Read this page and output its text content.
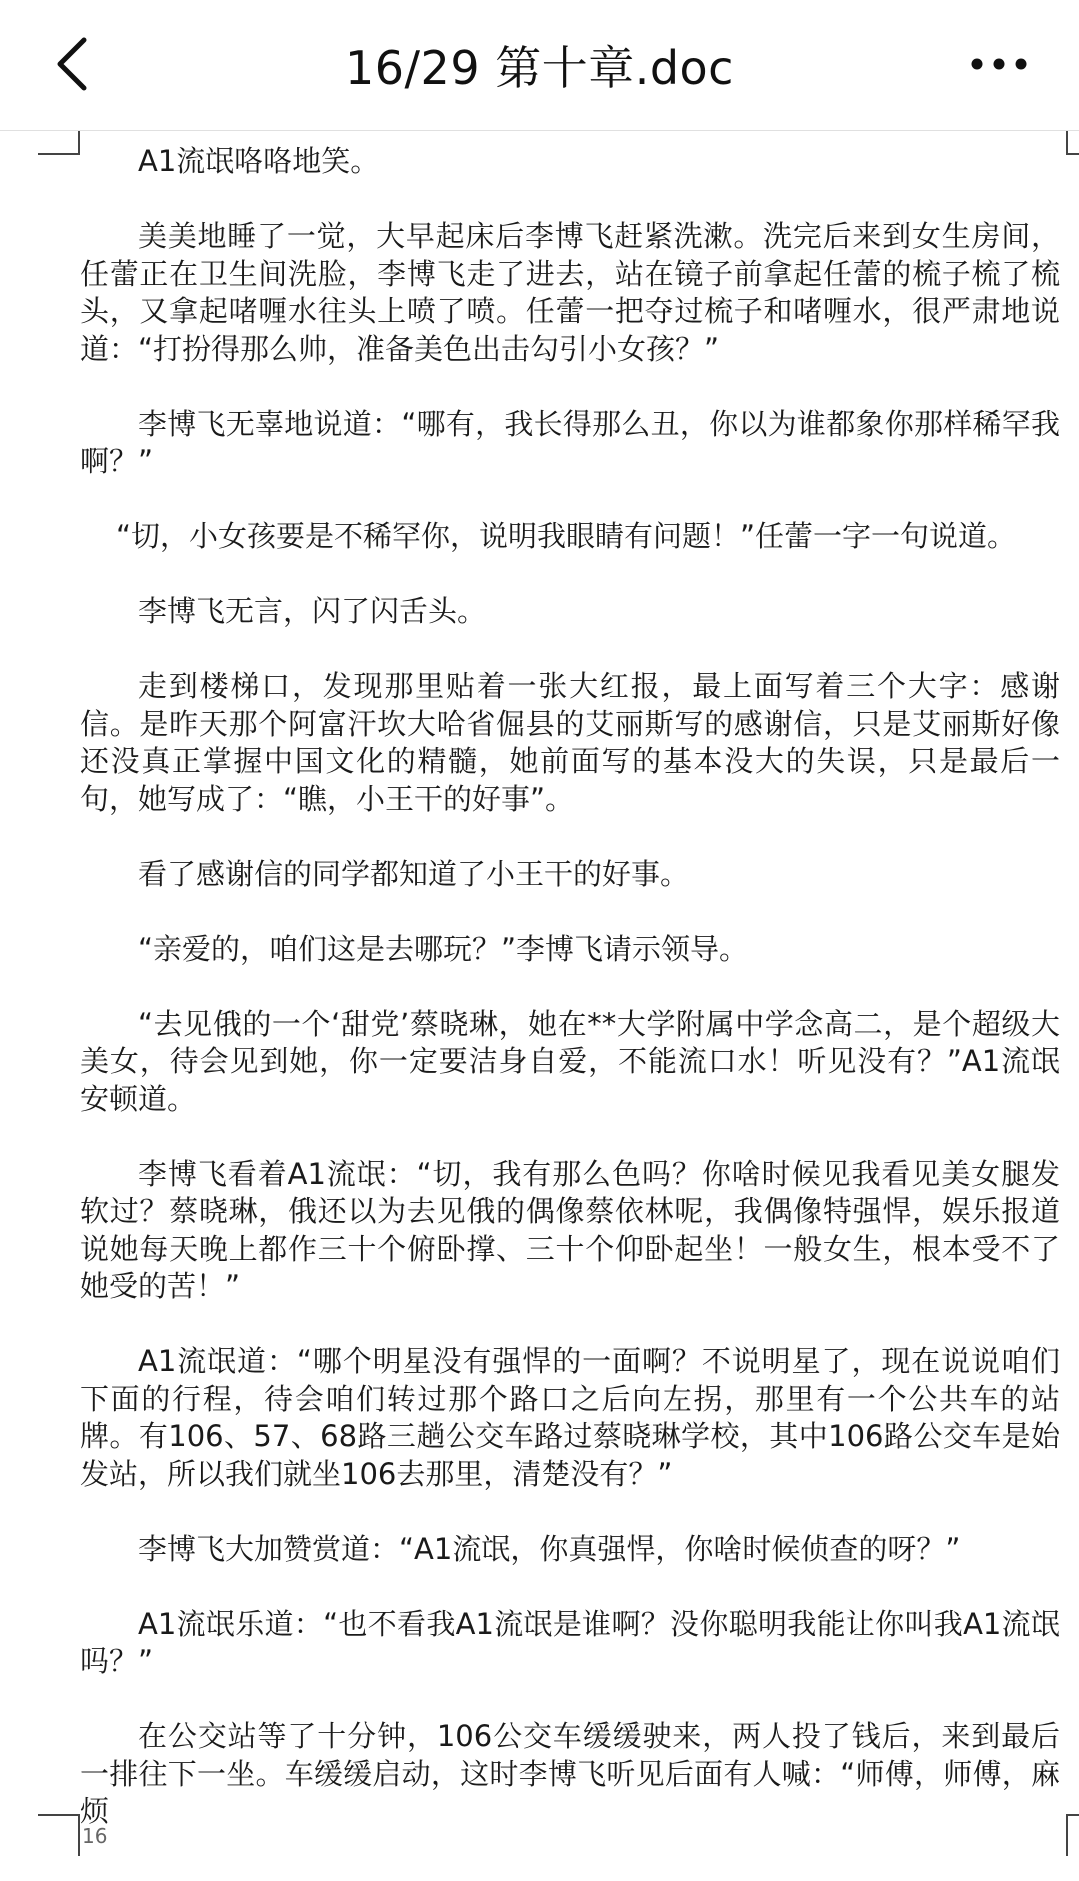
16/29 第十章.doc

A1流氓咯咯地笑。

美美地睡了一觉，大早起床后李博飞赶紧洗漱。洗完后来到女生房间，任蕾正在卫生间洗脸，李博飞走了进去，站在镜子前拿起任蕾的梳子梳了梳头，又拿起啫喱水往头上喷了喷。任蕾一把夺过梳子和啫喱水，很严肃地说道：“打扮得那么帅，准备美色出击勾引小女孩？”

李博飞无辜地说道：“哪有，我长得那么丑，你以为谁都象你那样稀罕我啊？”

“切，小女孩要是不稀罕你，说明我眼睛有问题！”任蕾一字一句说道。

李博飞无言，闪了闪舌头。

走到楼梯口，发现那里贴着一张大红报，最上面写着三个大字：感谢信。是昨天那个阿富汗坎大哈省倔县的艾丽斯写的感谢信，只是艾丽斯好像还没真正掌握中国文化的精髓，她前面写的基本没大的失误，只是最后一句，她写成了：“瞧，小王干的好事”。

看了感谢信的同学都知道了小王干的好事。

“亲爱的，咱们这是去哪玩？”李博飞请示领导。

“去见俄的一个‘甜党’蔡晓琳，她在**大学附属中学念高二，是个超级大美女，待会见到她，你一定要洁身自爱，不能流口水！听见没有？”A1流氓安顿道。

李博飞看着A1流氓：“切，我有那么色吗？你啥时候见我看见美女腿发软过？蔡晓琳，俄还以为去见俄的偶像蔡依林呢，我偶像特强悍，娱乐报道说她每天晚上都作三十个俯卧撑、三十个仰卧起坐！一般女生，根本受不了她受的苦！”

A1流氓道：“哪个明星没有强悍的一面啊？不说明星了，现在说说咱们下面的行程，待会咱们转过那个路口之后向左拐，那里有一个公共车的站牌。有106、57、68路三趟公交车路过蔡晓琳学校，其中106路公交车是始发站，所以我们就坐106去那里，清楚没有？”

李博飞大加赞赏道：“A1流氓，你真强悍，你啥时候侦查的呀？”

A1流氓乐道：“也不看我A1流氓是谁啊？没你聪明我能让你叫我A1流氓吗？”

在公交站等了十分钟，106公交车缓缓驶来，两人投了钱后，来到最后一排往下一坐。车缓缓启动，这时李博飞听见后面有人喊：“师傅，师傅，麻烦

16
